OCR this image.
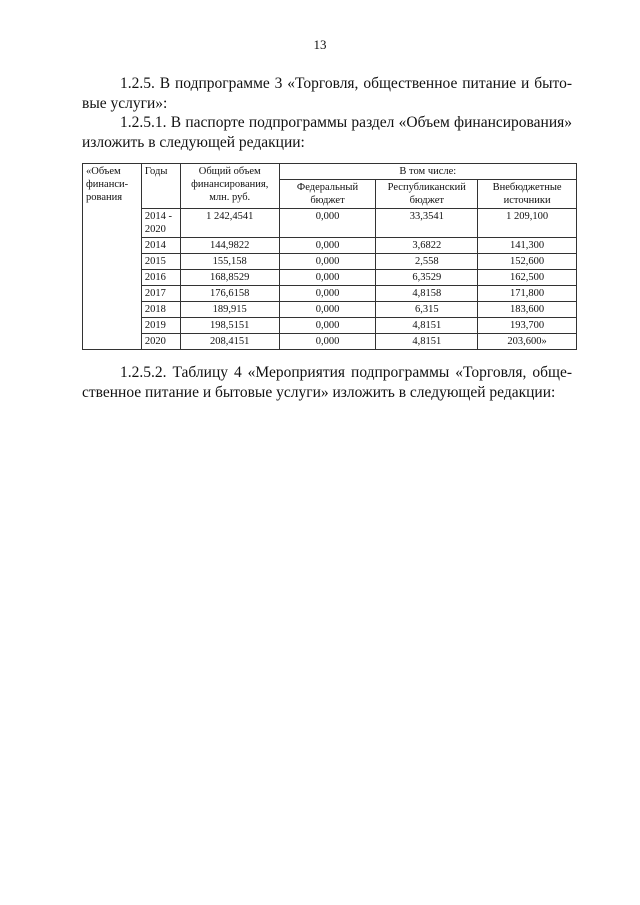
13
1.2.5. В подпрограмме 3 «Торговля, общественное питание и быто-
вые услуги»:
1.2.5.1. В паспорте подпрограммы раздел «Объем финансирования»
изложить в следующей редакции:
«Объем финанси-рования	Годы	Общий объем финансирования, млн. руб.	В том числе:		
			Федеральный бюджет	Республиканский бюджет	Внебюджетные источники
	2014 - 2020	1 242,4541	0,000	33,3541	1 209,100
	2014	144,9822	0,000	3,6822	141,300
	2015	155,158	0,000	2,558	152,600
	2016	168,8529	0,000	6,3529	162,500
	2017	176,6158	0,000	4,8158	171,800
	2018	189,915	0,000	6,315	183,600
	2019	198,5151	0,000	4,8151	193,700
	2020	208,4151	0,000	4,8151	203,600»
1.2.5.2. Таблицу 4 «Мероприятия подпрограммы «Торговля, обще-
ственное питание и бытовые услуги» изложить в следующей редакции:
